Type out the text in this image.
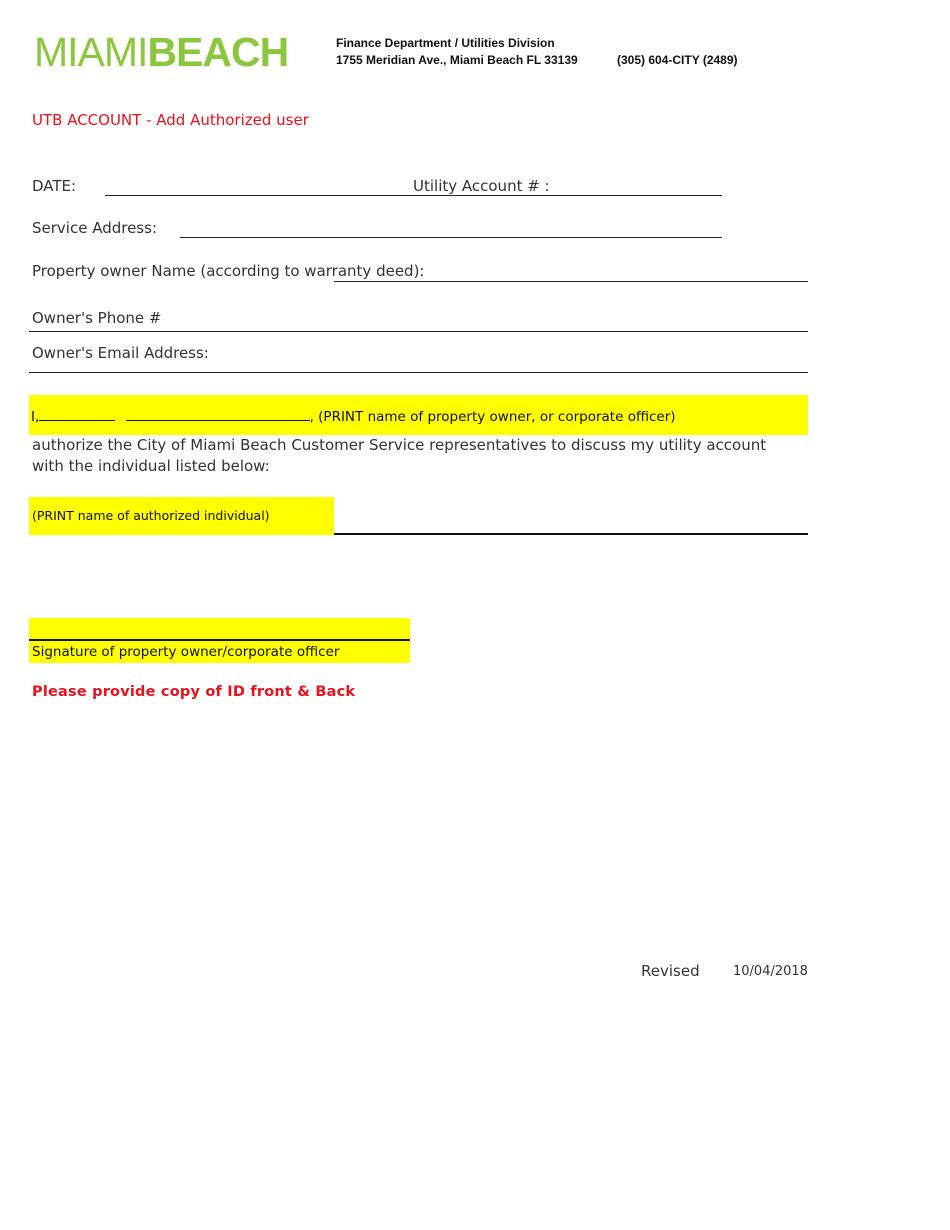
MIAMIBEACH	Finance Department / Utilities Division
1755 Meridian Ave., Miami Beach FL 33139	(305) 604-CITY (2489)
UTB ACCOUNT - Add Authorized user
DATE:	Utility Account # :
Service Address:
Property owner Name (according to warranty deed):
Owner's Phone #
Owner's Email Address:
I,	, (PRINT name of property owner, or corporate officer)
authorize the City of Miami Beach Customer Service representatives to discuss my utility account with the individual listed below:
(PRINT name of authorized individual)
Signature of property owner/corporate officer
Please provide copy of ID front & Back
Revised	10/04/2018
